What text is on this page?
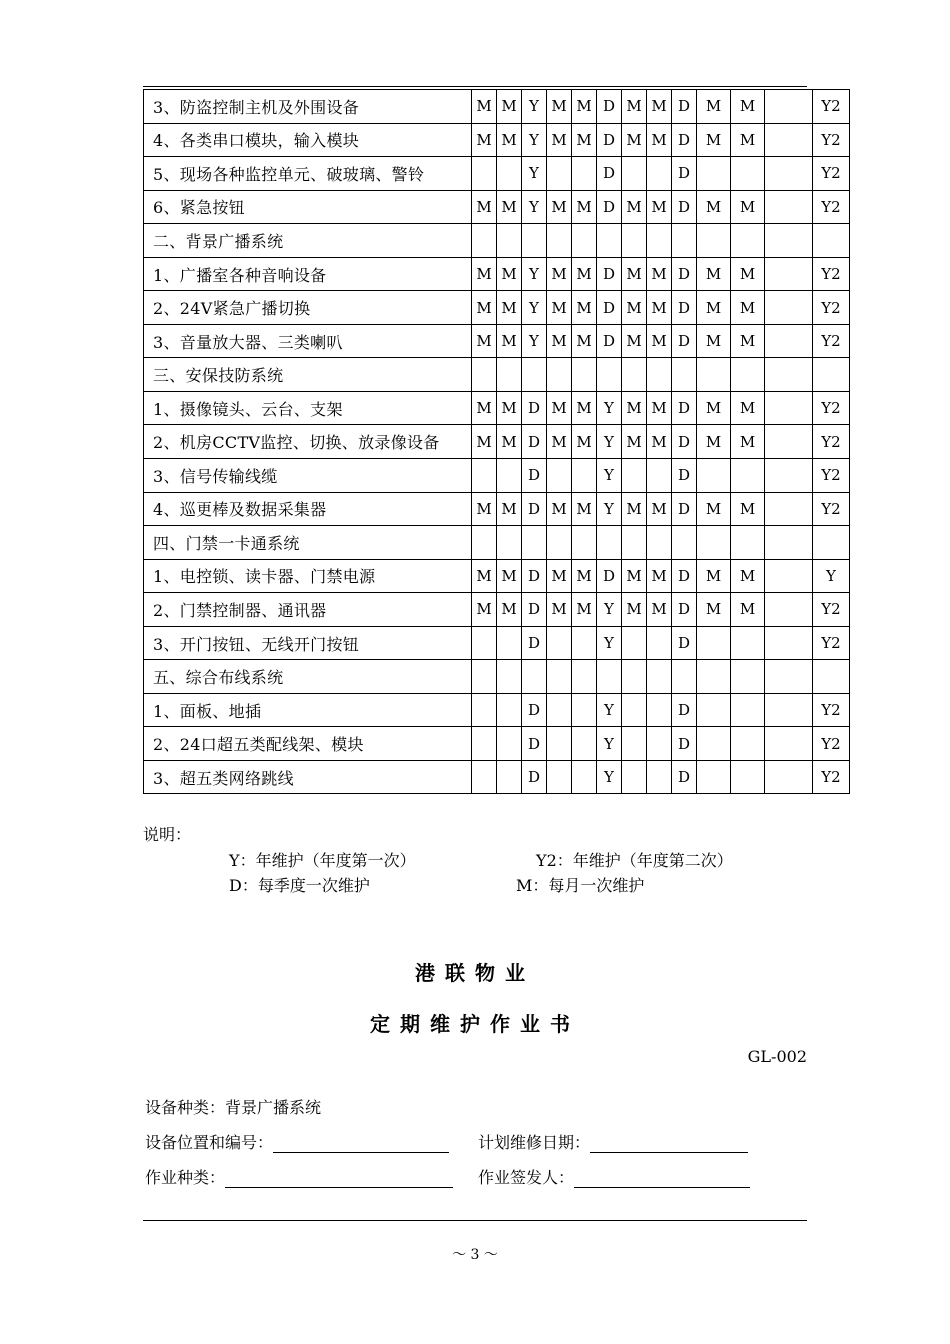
3、防盗控制主机及外围设备	M	M	Y	M	M	D	M	M	D	M	M		Y2
4、各类串口模块，输入模块	M	M	Y	M	M	D	M	M	D	M	M		Y2
5、现场各种监控单元、破玻璃、警铃			Y			D			D				Y2
6、紧急按钮	M	M	Y	M	M	D	M	M	D	M	M		Y2
二、背景广播系统													
1、广播室各种音响设备	M	M	Y	M	M	D	M	M	D	M	M		Y2
2、24V紧急广播切换	M	M	Y	M	M	D	M	M	D	M	M		Y2
3、音量放大器、三类喇叭	M	M	Y	M	M	D	M	M	D	M	M		Y2
三、安保技防系统													
1、摄像镜头、云台、支架	M	M	D	M	M	Y	M	M	D	M	M		Y2
2、机房CCTV监控、切换、放录像设备	M	M	D	M	M	Y	M	M	D	M	M		Y2
3、信号传输线缆			D			Y			D				Y2
4、巡更棒及数据采集器	M	M	D	M	M	Y	M	M	D	M	M		Y2
四、门禁一卡通系统													
1、电控锁、读卡器、门禁电源	M	M	D	M	M	D	M	M	D	M	M		Y
2、门禁控制器、通讯器	M	M	D	M	M	Y	M	M	D	M	M		Y2
3、开门按钮、无线开门按钮			D			Y			D				Y2
五、综合布线系统													
1、面板、地插			D			Y			D				Y2
2、24口超五类配线架、模块			D			Y			D				Y2
3、超五类网络跳线			D			Y			D				Y2
说明：
Y：年维护（年度第一次）	Y2：年维护（年度第二次）
D：每季度一次维护	M：每月一次维护
港联物业
定期维护作业书
GL-002
设备种类：背景广播系统
设备位置和编号：	计划维修日期：
作业种类：	作业签发人：
～ 3 ～
